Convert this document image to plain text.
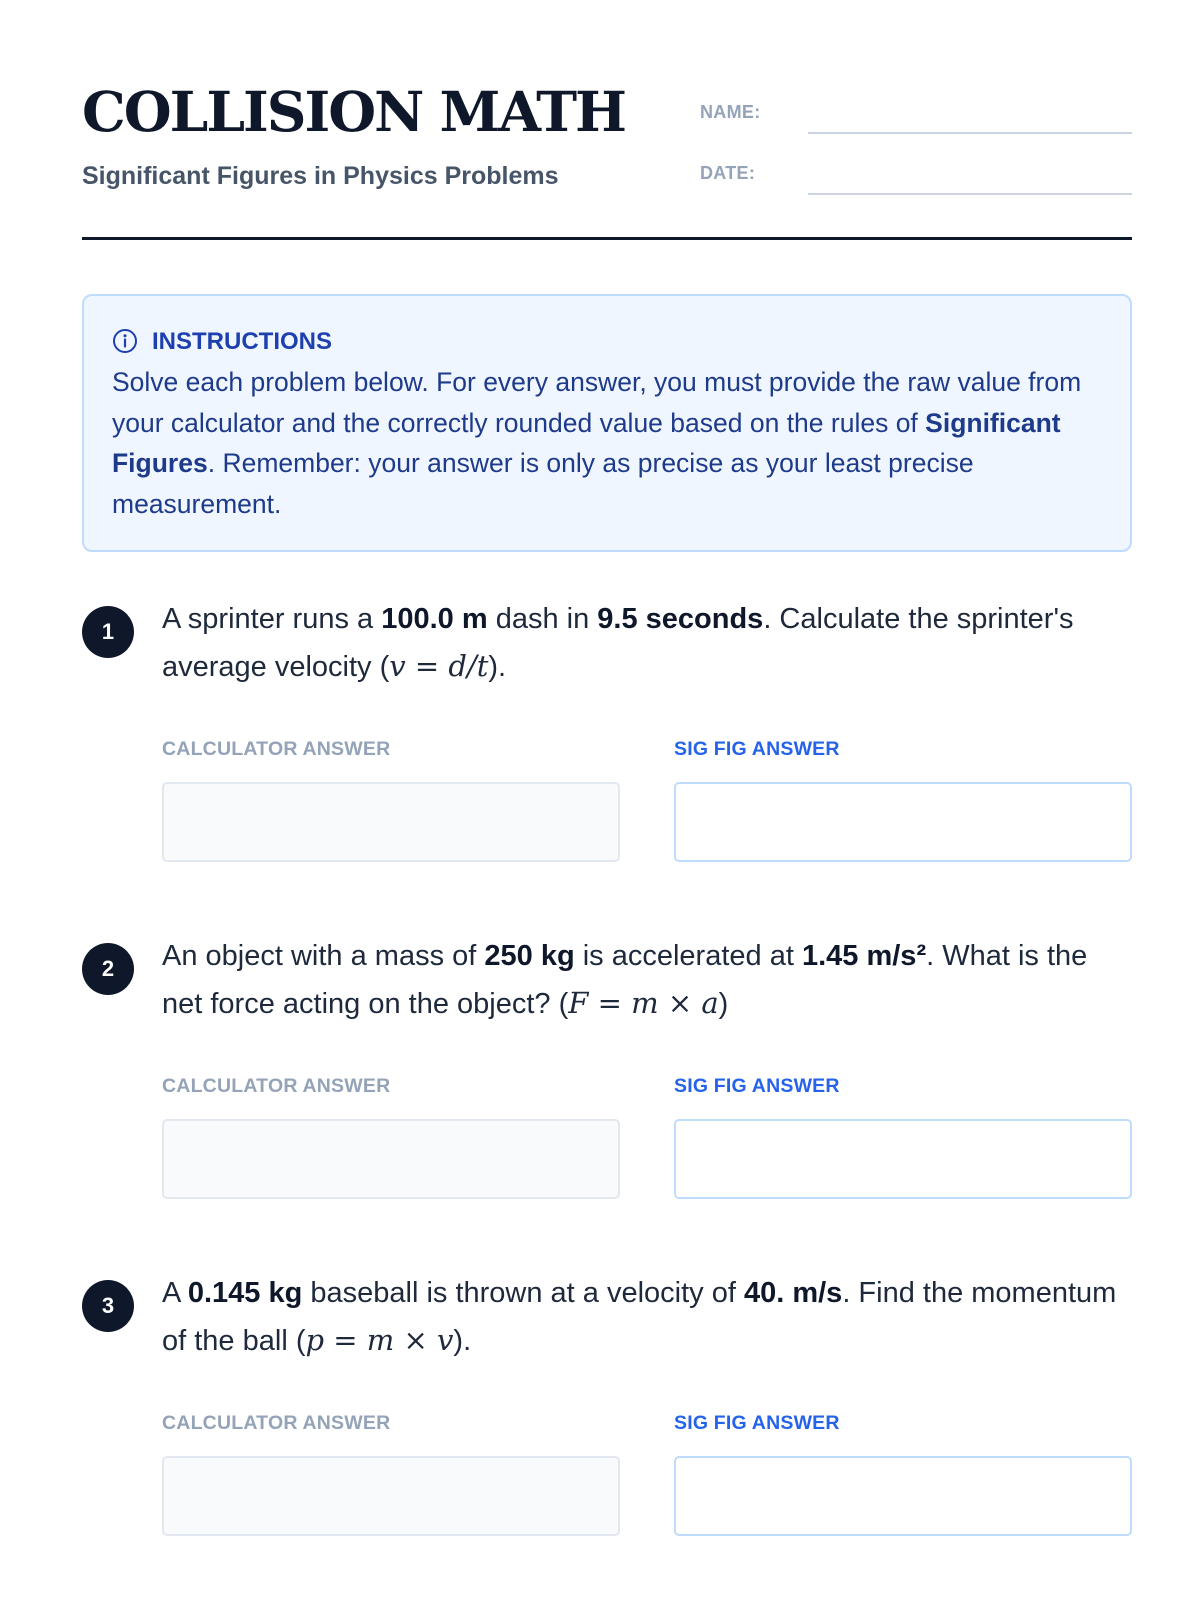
COLLISION MATH
Significant Figures in Physics Problems
NAME:
DATE:
INSTRUCTIONS

Solve each problem below. For every answer, you must provide the raw value from your calculator and the correctly rounded value based on the rules of Significant Figures. Remember: your answer is only as precise as your least precise measurement.

1	A sprinter runs a 100.0 m dash in 9.5 seconds. Calculate the sprinter's average velocity (v = d/t).

CALCULATOR ANSWER	SIG FIG ANSWER
2	An object with a mass of 250 kg is accelerated at 1.45 m/s². What is the net force acting on the object? (F = m × a)

CALCULATOR ANSWER	SIG FIG ANSWER
3	A 0.145 kg baseball is thrown at a velocity of 40. m/s. Find the momentum of the ball (p = m × v).

CALCULATOR ANSWER	SIG FIG ANSWER
